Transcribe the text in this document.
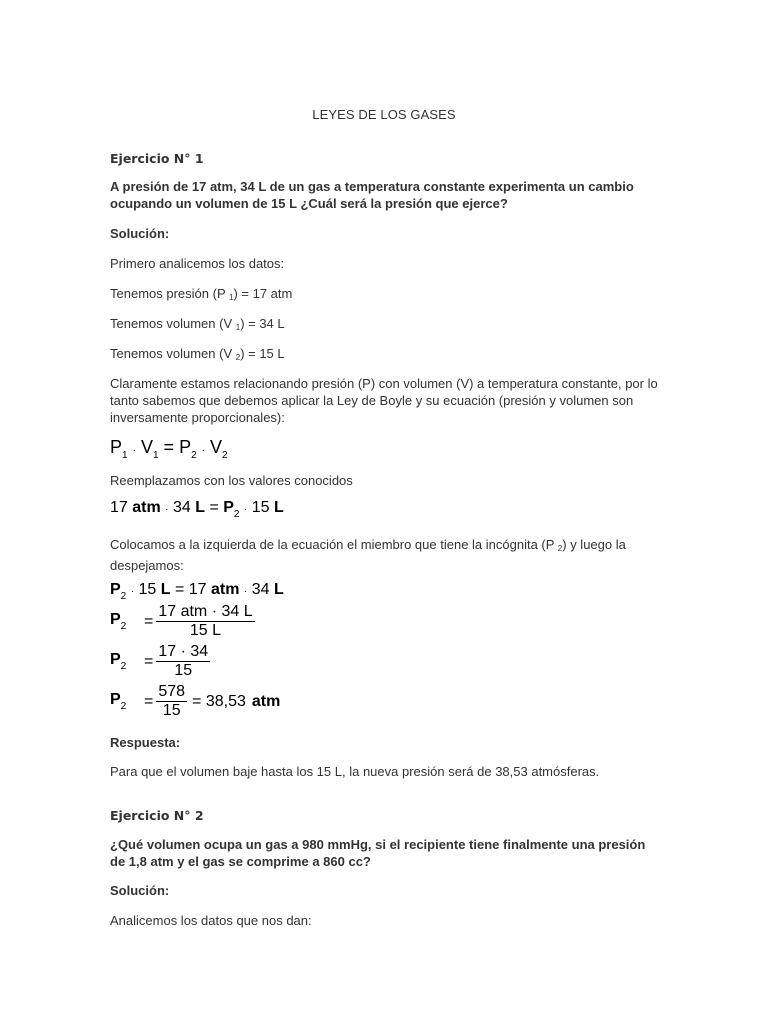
LEYES DE LOS GASES
Ejercicio N° 1
A presión de 17 atm, 34 L de un gas a temperatura constante experimenta un cambio
ocupando un volumen de 15 L ¿Cuál será la presión que ejerce?
Solución:
Primero analicemos los datos:
Tenemos presión (P $_1$) = 17 atm
Tenemos volumen (V $_1$) = 34 L
Tenemos volumen (V $_2$) = 15 L
Claramente estamos relacionando presión (P) con volumen (V) a temperatura constante, por lo
tanto sabemos que debemos aplicar la Ley de Boyle y su ecuación (presión y volumen son
inversamente proporcionales):
$P_1 \cdot V_1 = P_2 \cdot V_2$
Reemplazamos con los valores conocidos
17 atm · 34 $L = P_2 \cdot 15$ L
Colocamos a la izquierda de la ecuación el miembro que tiene la incógnita (P $_2$) y luego la
despejamos:
$P_2 \cdot 15$ L = 17 atm · 34 L
$P_2$	= $\frac{\text{17 atm · 34 L}}{15 L}$
$P_2$	= $\frac{17 \cdot 34}{15}$
$P_2$	= $\frac{578}{15} = 38,53$ atm
Respuesta:
Para que el volumen baje hasta los 15 L, la nueva presión será de 38,53 atmósferas.
Ejercicio N° 2
¿Qué volumen ocupa un gas a 980 mmHg, si el recipiente tiene finalmente una presión
de 1,8 atm y el gas se comprime a 860 cc?
Solución:
Analicemos los datos que nos dan:
